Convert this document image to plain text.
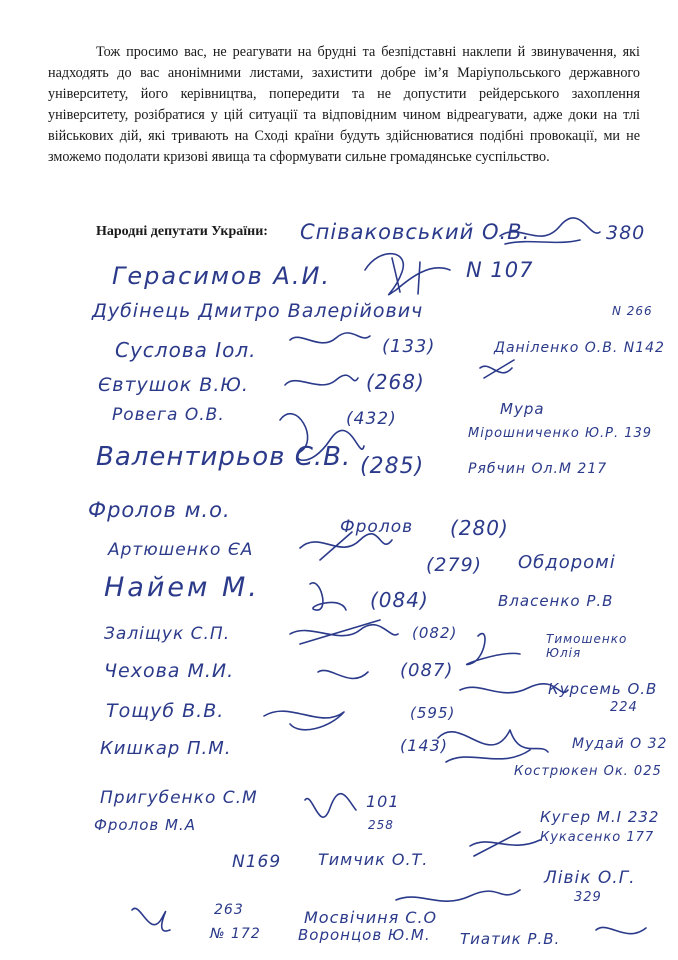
Тож просимо вас, не реагувати на брудні та безпідставні наклепи й звинувачення, які надходять до вас анонімними листами, захистити добре ім’я Маріупольського державного університету, його керівництва, попередити та не допустити рейдерського захоплення університету, розібратися у цій ситуації та відповідним чином відреагувати, адже доки на тлі військових дій, які тривають на Сході країни будуть здійснюватися подібні провокації, ми не зможемо подолати кризові явища та сформувати сильне громадянське суспільство.

Народні депутати України: Співаковський О.В.	380
Герасимов А.И.	N 107
Дубінець Дмитро Валерійович	N 266
Суслова Іол.	(133)	Даніленко О.В. N142
Євтушок В.Ю.	(268)
Ровега О.В.	(432)	Мура
Мірошниченко Ю.Р. 139
Валентирьов С.В. (285)	Рябчин Ол.М 217
Фролов м.о.
Фролов (280)
Артюшенко ЄА
(279) Обдоромі
Найем М.	(084)	Власенко Р.В
Заліщук С.П.	(082)	Тимошенко Юлія
Чеховa М.И.	(087)
Тощуб В.В.	(595)
Курсемь О.В
224
Кишкар П.М.	(143)	Мудай О 32
Кострюкен Ок. 025
Пригубенко С.М	101
258
Фролов М.А	Кугер М.І 232
Кукасенко 177
N169 Тимчик О.Т.
Лівік О.Г.
329
263	Мосвічиня С.О
№ 172 Воронцов Ю.М. Тиатик Р.В.
